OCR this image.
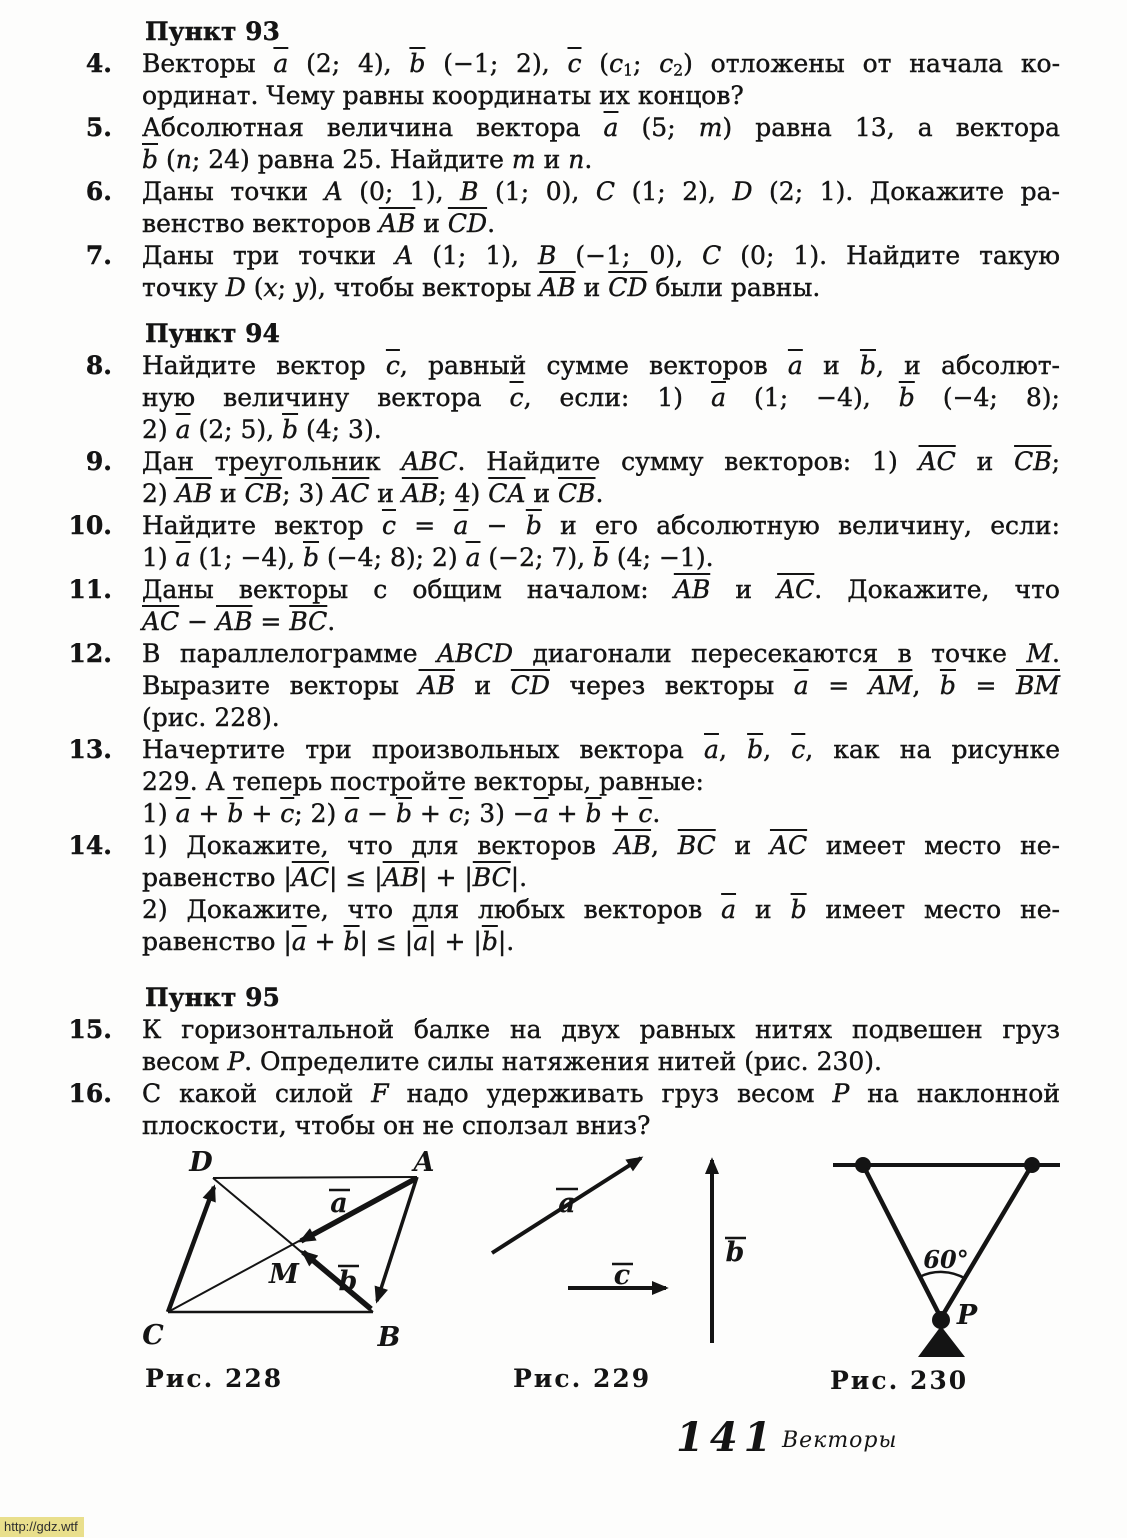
Пункт 93
4. Векторы $\overline{a}$ (2; 4), $\overline{b}$ (−1; 2), $\overline{c}$ ($c_1$; $c_2$) отложены от начала ко-
ординат. Чему равны координаты их концов?
5. Абсолютная величина вектора $\overline{a}$ (5; m) равна 13, а вектора
$\overline{b}$ (n; 24) равна 25. Найдите m и n.
6. Даны точки A (0; 1), B (1; 0), C (1; 2), D (2; 1). Докажите ра-
венство векторов $\overline{AB}$ и $\overline{CD}$.
7. Даны три точки A (1; 1), B (−1; 0), C (0; 1). Найдите такую
точку D (x; y), чтобы векторы $\overline{AB}$ и $\overline{CD}$ были равны.
Пункт 94
8. Найдите вектор $\overline{c}$, равный сумме векторов $\overline{a}$ и $\overline{b}$, и абсолют-
ную величину вектора $\overline{c}$, если: 1) $\overline{a}$ (1; −4), $\overline{b}$ (−4; 8);
2) $\overline{a}$ (2; 5), $\overline{b}$ (4; 3).
9. Дан треугольник ABC. Найдите сумму векторов: 1) $\overline{AC}$ и $\overline{CB}$;
2) $\overline{AB}$ и $\overline{CB}$; 3) $\overline{AC}$ и $\overline{AB}$; 4) $\overline{CA}$ и $\overline{CB}$.
10. Найдите вектор $\overline{c} = \overline{a} - \overline{b}$ и его абсолютную величину, если:
1) $\overline{a}$ (1; −4), $\overline{b}$ (−4; 8); 2) $\overline{a}$ (−2; 7), $\overline{b}$ (4; −1).
11. Даны векторы с общим началом: $\overline{AB}$ и $\overline{AC}$. Докажите, что
$\overline{AC} - \overline{AB} = \overline{BC}$.
12. В параллелограмме ABCD диагонали пересекаются в точке M.
Выразите векторы $\overline{AB}$ и $\overline{CD}$ через векторы $\overline{a} = \overline{AM}$, $\overline{b} = \overline{BM}$
(рис. 228).
13. Начертите три произвольных вектора $\overline{a}$, $\overline{b}$, $\overline{c}$, как на рисунке
229. А теперь постройте векторы, равные:
1) $\overline{a} + \overline{b} + \overline{c}$; 2) $\overline{a} - \overline{b} + \overline{c}$; $3) -\overline{a} + \overline{b} + \overline{c}$.
14. 1) Докажите, что для векторов $\overline{AB}$, $\overline{BC}$ и $\overline{AC}$ имеет место не-
равенство $|\overline{AC}| \le |\overline{AB}| + |\overline{BC}|$.
2) Докажите, что для любых векторов $\overline{a}$ и $\overline{b}$ имеет место не-
равенство $|\overline{a} + \overline{b}| \le |\overline{a}| + |\overline{b}|$.
Пункт 95
15. К горизонтальной балке на двух равных нитях подвешен груз
весом P. Определите силы натяжения нитей (рис. 230).
16. С какой силой F надо удерживать груз весом P на наклонной
плоскости, чтобы он не сползал вниз?
D	A
C	B
M
a
b
Рис. 228
a
c
b
Рис. 229
60°
P
Рис. 230
141 Векторы
http://gdz.wtf
